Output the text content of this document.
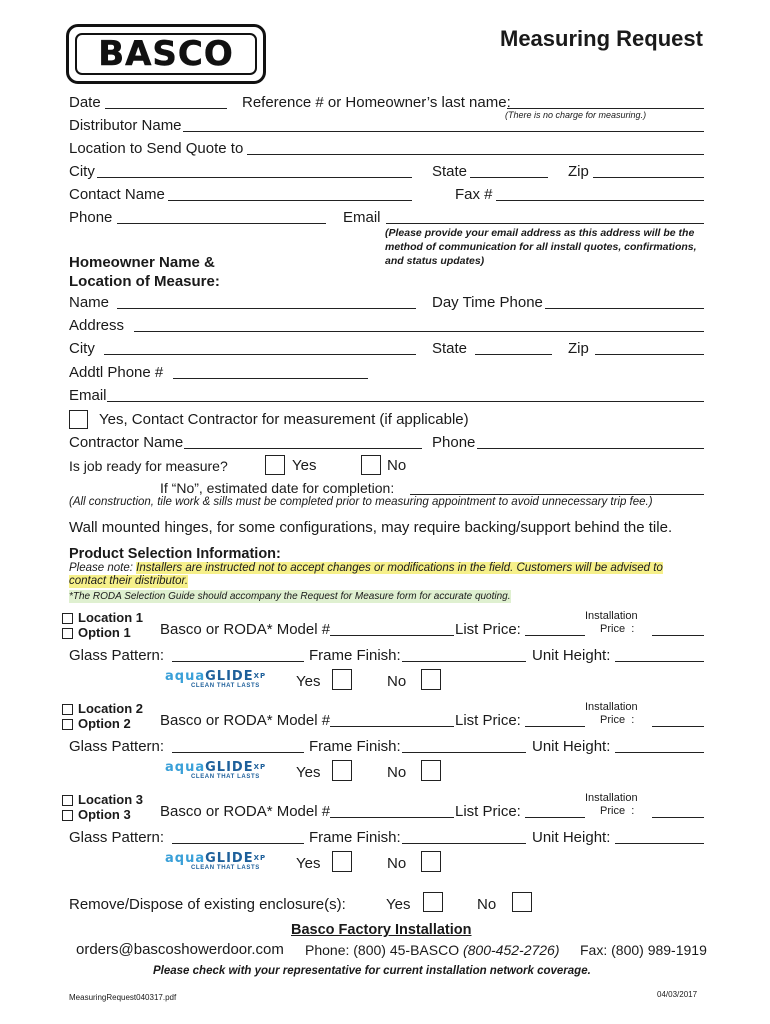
BASCO	Measuring Request
Date	Reference # or Homeowner’s last name:
(There is no charge for measuring.)
Distributor Name
Location to Send Quote to
City	State	Zip
Contact Name	Fax #
Phone	Email
(Please provide your email address as this address will be the method of communication for all install quotes, confirmations, and status updates)
Homeowner Name &
Location of Measure:
Name	Day Time Phone
Address
City	State	Zip
Addtl Phone #
Email
Yes, Contact Contractor for measurement (if applicable)
Contractor Name	Phone
Is job ready for measure?	Yes	No
If “No”, estimated date for completion:
(All construction, tile work & sills must be completed prior to measuring appointment to avoid unnecessary trip fee.)
Wall mounted hinges, for some configurations, may require backing/support behind the tile.
Product Selection Information:
Please note: Installers are instructed not to accept changes or modifications in the field. Customers will be advised to
contact their distributor.
*The RODA Selection Guide should accompany the Request for Measure form for accurate quoting.
Location 1
Option 1 Basco or RODA* Model #	List Price:
Installation
Price :
Glass Pattern:	Frame Finish:	Unit Height:
aquaGLIDE$^{XP}$
CLEAN THAT LASTS	Yes	No
Location 2
Option 2 Basco or RODA* Model #	List Price:
Installation
Price :
Glass Pattern:	Frame Finish:	Unit Height:
aquaGLIDE$^{XP}$
CLEAN THAT LASTS	Yes	No
Location 3
Option 3 Basco or RODA* Model #	List Price:
Installation
Price :
Glass Pattern:	Frame Finish:	Unit Height:
aquaGLIDE$^{XP}$
CLEAN THAT LASTS	Yes	No
Remove/Dispose of existing enclosure(s):	Yes	No
Basco Factory Installation
orders@bascoshowerdoor.com Phone: (800) 45-BASCO (800-452-2726) Fax: (800) 989-1919
Please check with your representative for current installation network coverage.
MeasuringRequest040317.pdf	04/03/2017
